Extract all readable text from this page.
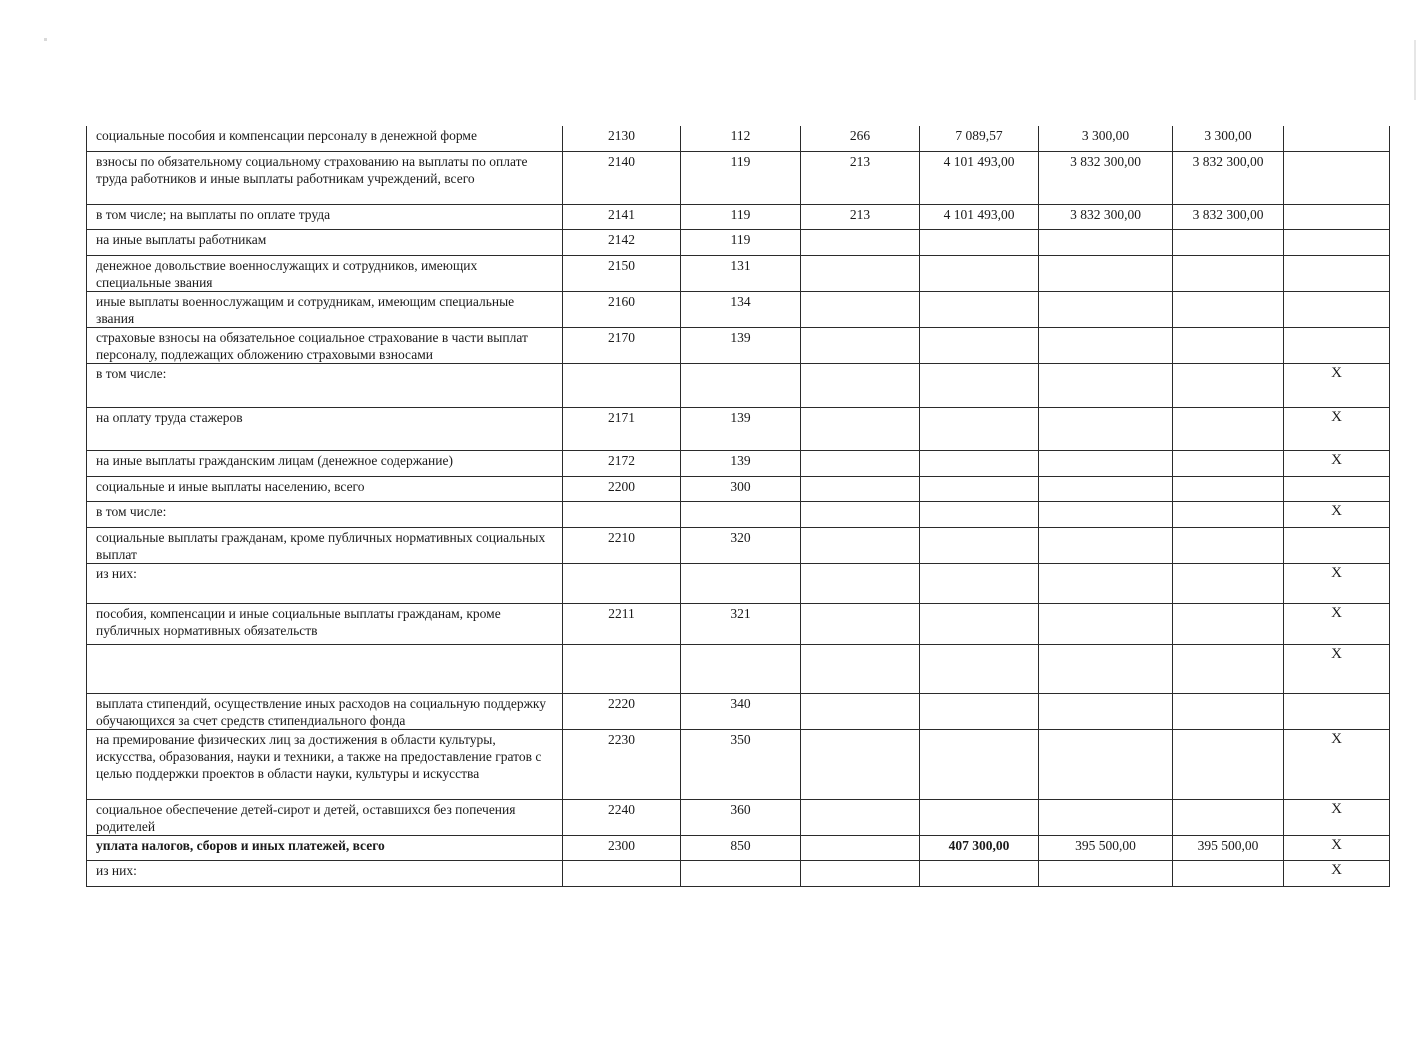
социальные пособия и компенсации персоналу в денежной форме	2130	112	266	7 089,57	3 300,00	3 300,00	
взносы по обязательному социальному страхованию на выплаты по оплате труда работников и иные выплаты работникам учреждений, всего	2140	119	213	4 101 493,00	3 832 300,00	3 832 300,00	
в том числе; на выплаты по оплате труда	2141	119	213	4 101 493,00	3 832 300,00	3 832 300,00	
на иные выплаты работникам	2142	119					
денежное довольствие военнослужащих и сотрудников, имеющих специальные звания	2150	131					
иные выплаты военнослужащим и сотрудникам, имеющим специальные звания	2160	134					
страховые взносы на обязательное социальное страхование в части выплат персоналу, подлежащих обложению страховыми взносами	2170	139					
в том числе:							X
на оплату труда стажеров	2171	139					X
на иные выплаты гражданским лицам (денежное содержание)	2172	139					X
социальные и иные выплаты населению, всего	2200	300					
в том числе:							X
социальные выплаты гражданам, кроме публичных нормативных социальных выплат	2210	320					
из них:							X
пособия, компенсации и иные социальные выплаты гражданам, кроме публичных нормативных обязательств	2211	321					X
							X
выплата стипендий, осуществление иных расходов на социальную поддержку обучающихся за счет средств стипендиального фонда	2220	340					
на премирование физических лиц за достижения в области культуры, искусства, образования, науки и техники, а также на предоставление гратов с целью поддержки проектов в области науки, культуры и искусства	2230	350					X
социальное обеспечение детей-сирот и детей, оставшихся без попечения родителей	2240	360					X
уплата налогов, сборов и иных платежей, всего	2300	850		407 300,00	395 500,00	395 500,00	X
из них:							X
